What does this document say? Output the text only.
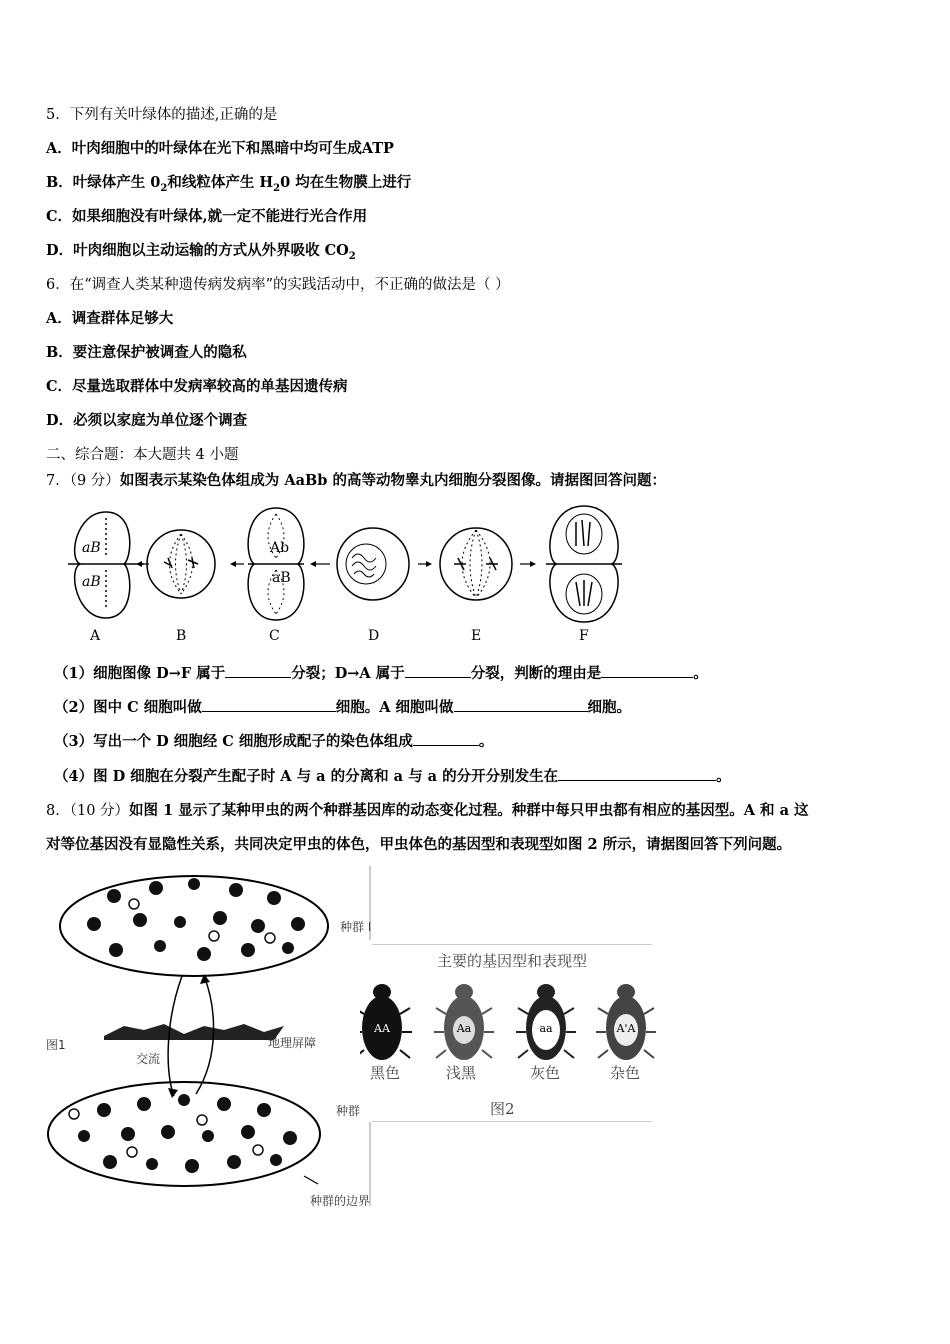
5．下列有关叶绿体的描述,正确的是
A．叶肉细胞中的叶绿体在光下和黑暗中均可生成ATP
B．叶绿体产生 $0_2$和线粒体产生 $H_20$ 均在生物膜上进行
C．如果细胞没有叶绿体,就一定不能进行光合作用
D．叶肉细胞以主动运输的方式从外界吸收 $CO_2$
6．在“调查人类某种遗传病发病率”的实践活动中，不正确的做法是（ ）
A．调查群体足够大
B．要注意保护被调查人的隐私
C．尽量选取群体中发病率较高的单基因遗传病
D．必须以家庭为单位逐个调查
二、综合题：本大题共 4 小题
7．（9 分）如图表示某染色体组成为 AaBb 的高等动物睾丸内细胞分裂图像。请据图回答问题：
aB
aB
Ab
aB
A	B	C	D	E	F
（1）细胞图像 D→F 属于	分裂；D→A 属于	分裂，判断的理由是	。
（2）图中 C 细胞叫做	细胞。A 细胞叫做	细胞。
（3）写出一个 D 细胞经 C 细胞形成配子的染色体组成	。
（4）图 D 细胞在分裂产生配子时 A 与 a 的分离和 a 与 a 的分开分别发生在	。
8．（10 分）如图 1 显示了某种甲虫的两个种群基因库的动态变化过程。种群中每只甲虫都有相应的基因型。A 和 a 这
对等位基因没有显隐性关系，共同决定甲虫的体色，甲虫体色的基因型和表现型如图 2 所示，请据图回答下列问题。
种群 I
地理屏障
图1
交流
种群
种群的边界
主要的基因型和表现型
AA	Aa	aa	A'A
黑色	浅黑	灰色	杂色
图2
